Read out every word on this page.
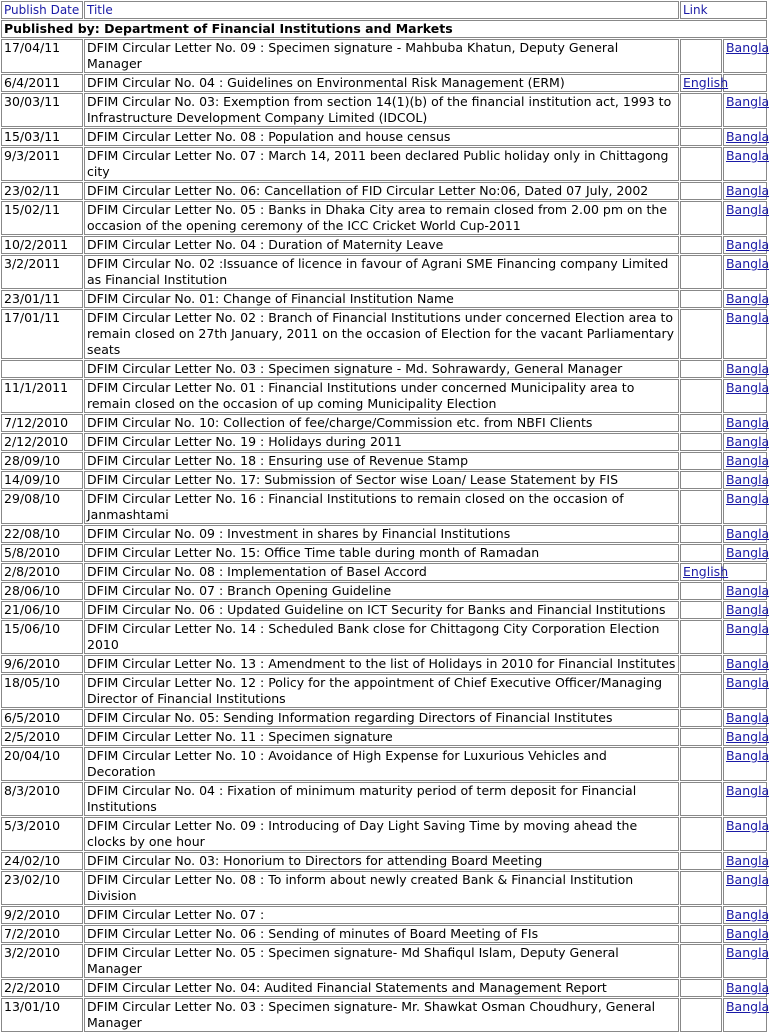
Publish Date	Title	Link	
Published by: Department of Financial Institutions and Markets			
17/04/11	DFIM Circular Letter No. 09 : Specimen signature - Mahbuba Khatun, Deputy General Manager		Bangla
6/4/2011	DFIM Circular No. 04 : Guidelines on Environmental Risk Management (ERM)	English	
30/03/11	DFIM Circular No. 03: Exemption from section 14(1)(b) of the financial institution act, 1993 to Infrastructure Development Company Limited (IDCOL)		Bangla
15/03/11	DFIM Circular Letter No. 08 : Population and house census		Bangla
9/3/2011	DFIM Circular Letter No. 07 : March 14, 2011 been declared Public holiday only in Chittagong city		Bangla
23/02/11	DFIM Circular Letter No. 06: Cancellation of FID Circular Letter No:06, Dated 07 July, 2002		Bangla
15/02/11	DFIM Circular Letter No. 05 : Banks in Dhaka City area to remain closed from 2.00 pm on the occasion of the opening ceremony of the ICC Cricket World Cup-2011		Bangla
10/2/2011	DFIM Circular Letter No. 04 : Duration of Maternity Leave		Bangla
3/2/2011	DFIM Circular No. 02 :Issuance of licence in favour of Agrani SME Financing company Limited as Financial Institution		Bangla
23/01/11	DFIM Circular No. 01: Change of Financial Institution Name		Bangla
17/01/11	DFIM Circular Letter No. 02 : Branch of Financial Institutions under concerned Election area to remain closed on 27th January, 2011 on the occasion of Election for the vacant Parliamentary seats		Bangla
	DFIM Circular Letter No. 03 : Specimen signature - Md. Sohrawardy, General Manager		Bangla
11/1/2011	DFIM Circular Letter No. 01 : Financial Institutions under concerned Municipality area to remain closed on the occasion of up coming Municipality Election		Bangla
7/12/2010	DFIM Circular No. 10: Collection of fee/charge/Commission etc. from NBFI Clients		Bangla
2/12/2010	DFIM Circular Letter No. 19 : Holidays during 2011		Bangla
28/09/10	DFIM Circular Letter No. 18 : Ensuring use of Revenue Stamp		Bangla
14/09/10	DFIM Circular Letter No. 17: Submission of Sector wise Loan/ Lease Statement by FIS		Bangla
29/08/10	DFIM Circular Letter No. 16 : Financial Institutions to remain closed on the occasion of Janmashtami		Bangla
22/08/10	DFIM Circular No. 09 : Investment in shares by Financial Institutions		Bangla
5/8/2010	DFIM Circular Letter No. 15: Office Time table during month of Ramadan		Bangla
2/8/2010	DFIM Circular No. 08 : Implementation of Basel Accord	English	
28/06/10	DFIM Circular No. 07 : Branch Opening Guideline		Bangla
21/06/10	DFIM Circular No. 06 : Updated Guideline on ICT Security for Banks and Financial Institutions		Bangla
15/06/10	DFIM Circular Letter No. 14 : Scheduled Bank close for Chittagong City Corporation Election 2010		Bangla
9/6/2010	DFIM Circular Letter No. 13 : Amendment to the list of Holidays in 2010 for Financial Institutes		Bangla
18/05/10	DFIM Circular Letter No. 12 : Policy for the appointment of Chief Executive Officer/Managing Director of Financial Institutions		Bangla
6/5/2010	DFIM Circular No. 05: Sending Information regarding Directors of Financial Institutes		Bangla
2/5/2010	DFIM Circular Letter No. 11 : Specimen signature		Bangla
20/04/10	DFIM Circular Letter No. 10 : Avoidance of High Expense for Luxurious Vehicles and Decoration		Bangla
8/3/2010	DFIM Circular No. 04 : Fixation of minimum maturity period of term deposit for Financial Institutions		Bangla
5/3/2010	DFIM Circular Letter No. 09 : Introducing of Day Light Saving Time by moving ahead the clocks by one hour		Bangla
24/02/10	DFIM Circular No. 03: Honorium to Directors for attending Board Meeting		Bangla
23/02/10	DFIM Circular Letter No. 08 : To inform about newly created Bank & Financial Institution Division		Bangla
9/2/2010	DFIM Circular Letter No. 07 :		Bangla
7/2/2010	DFIM Circular Letter No. 06 : Sending of minutes of Board Meeting of FIs		Bangla
3/2/2010	DFIM Circular Letter No. 05 : Specimen signature- Md Shafiqul Islam, Deputy General Manager		Bangla
2/2/2010	DFIM Circular Letter No. 04: Audited Financial Statements and Management Report		Bangla
13/01/10	DFIM Circular Letter No. 03 : Specimen signature- Mr. Shawkat Osman Choudhury, General Manager		Bangla
